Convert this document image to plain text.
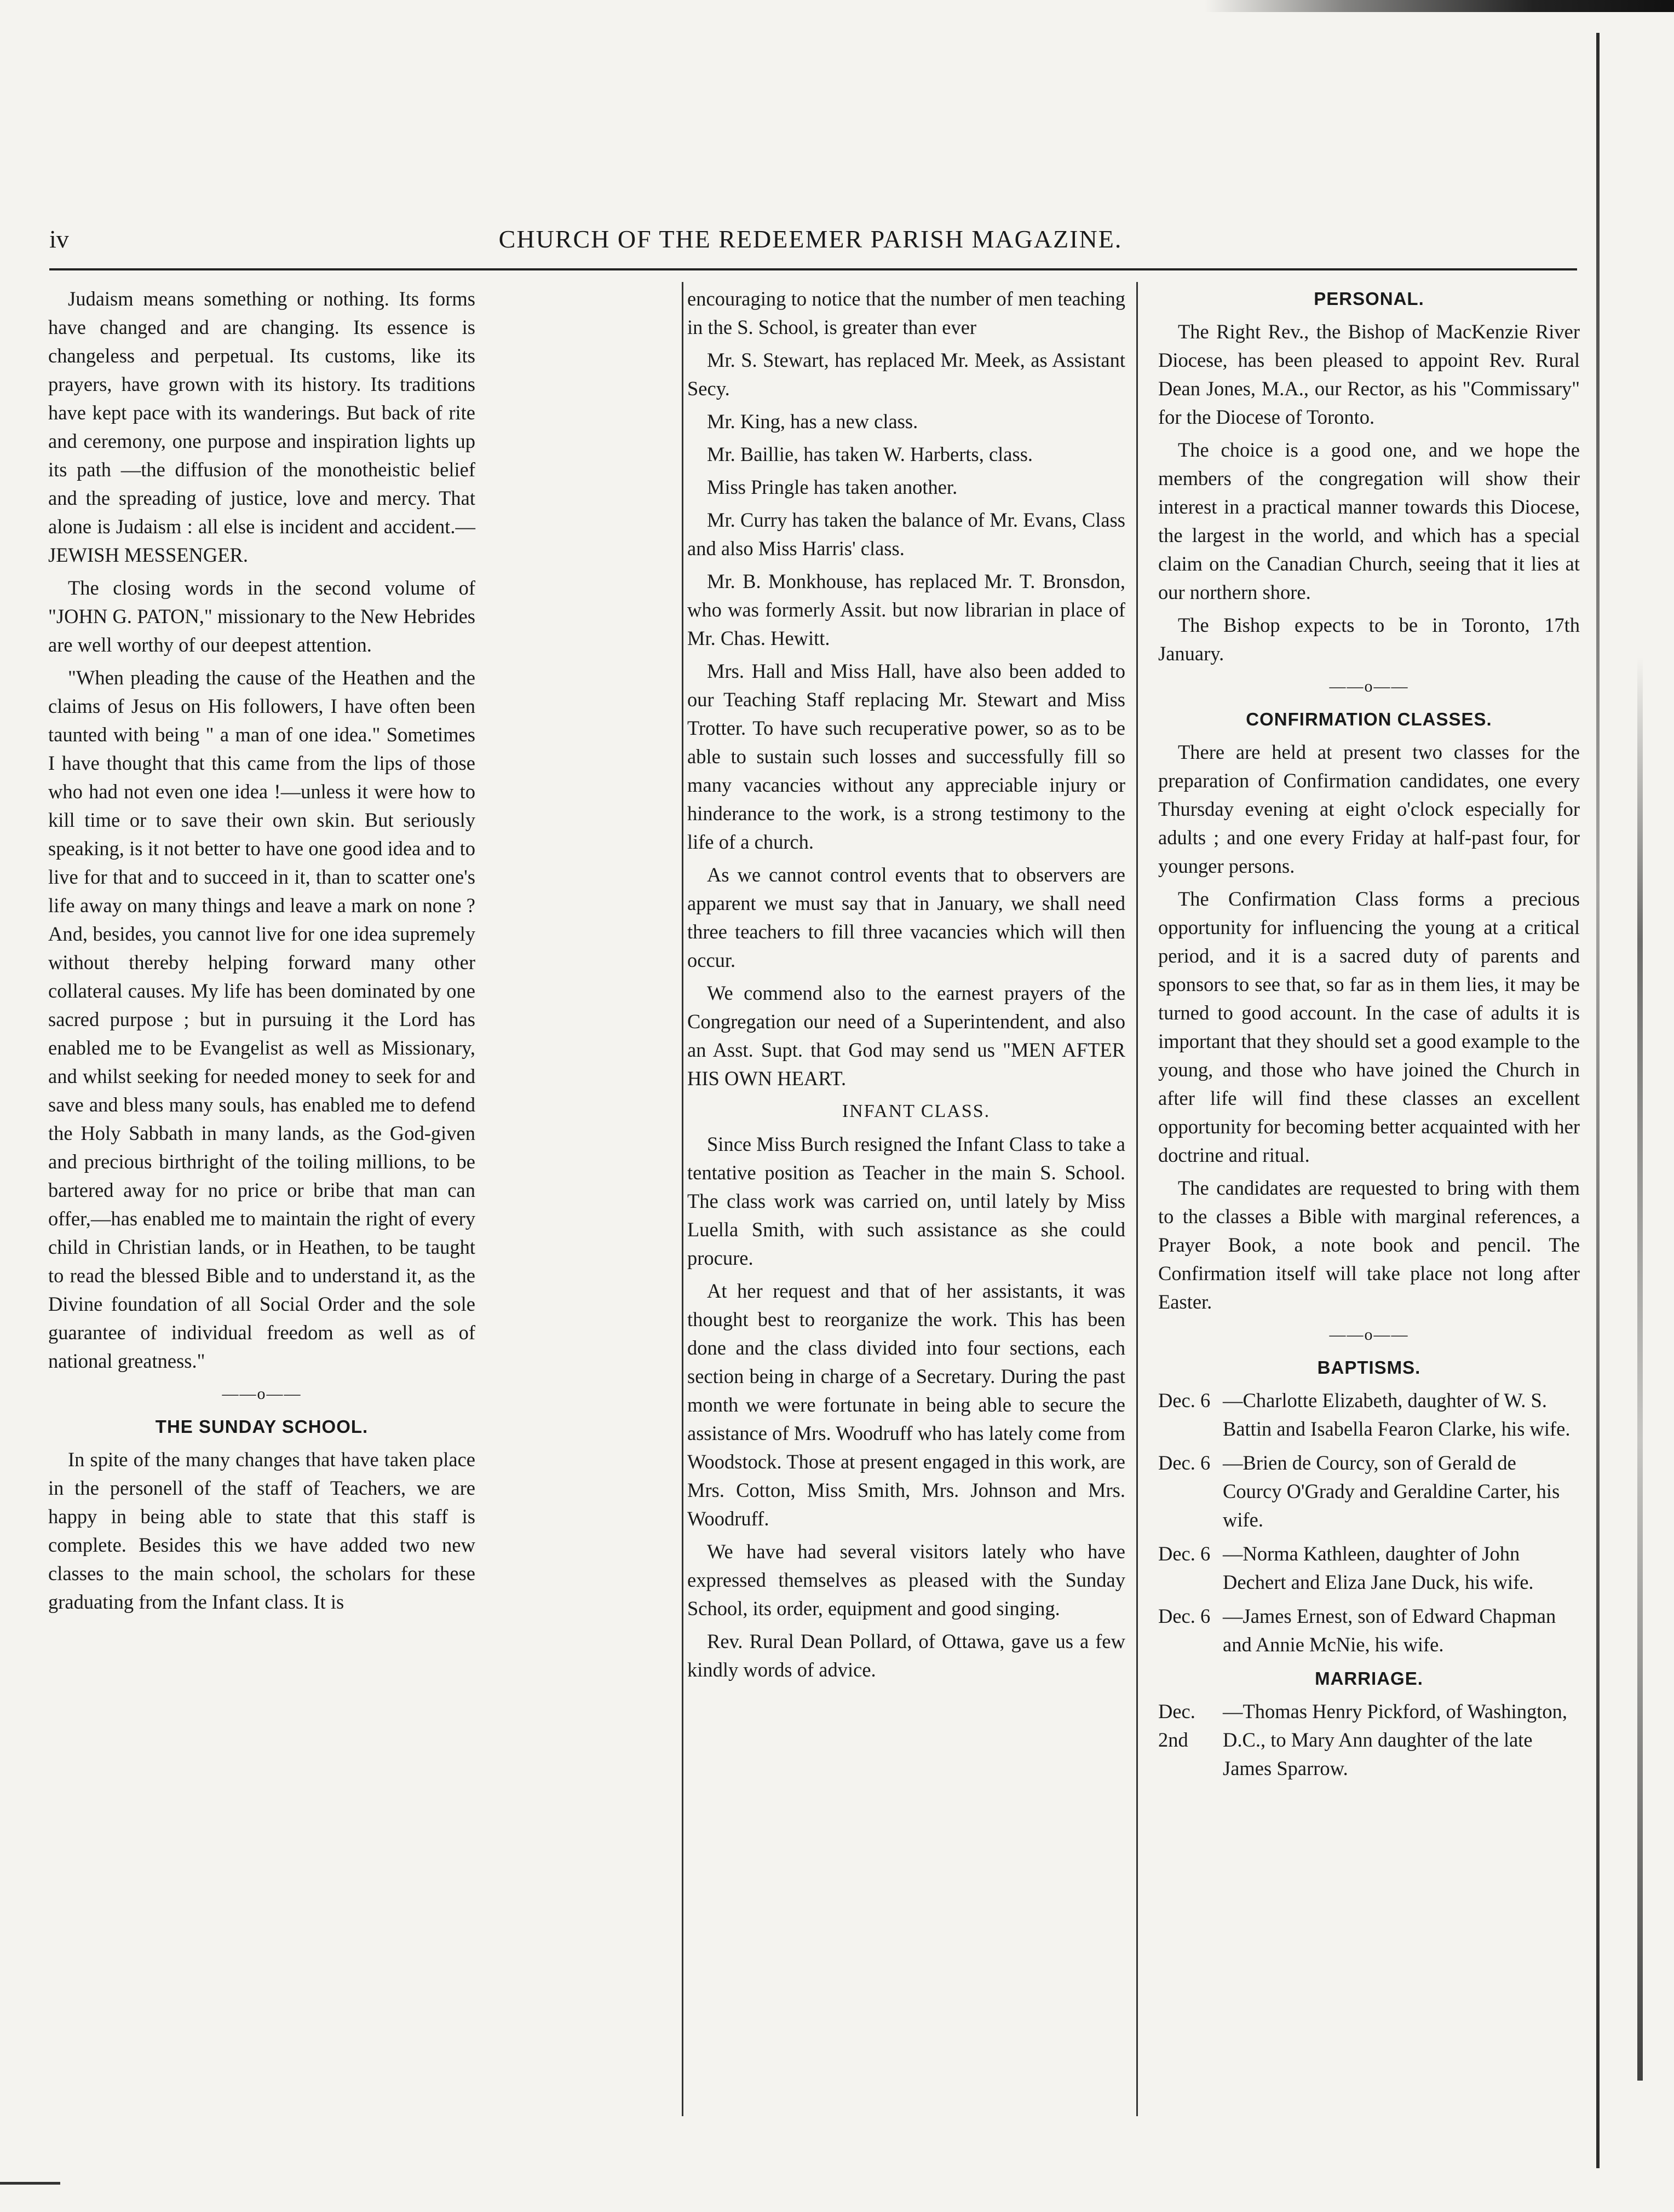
iv	CHURCH OF THE REDEEMER PARISH MAGAZINE.

Judaism means something or nothing. Its forms have changed and are changing. Its essence is changeless and perpetual. Its customs, like its prayers, have grown with its history. Its traditions have kept pace with its wanderings. But back of rite and ceremony, one purpose and inspiration lights up its path —the diffusion of the monotheistic belief and the spreading of justice, love and mercy. That alone is Judaism : all else is incident and accident.—JEWISH MESSENGER.

The closing words in the second volume of "JOHN G. PATON," missionary to the New Hebrides are well worthy of our deepest attention.

"When pleading the cause of the Heathen and the claims of Jesus on His followers, I have often been taunted with being " a man of one idea." Sometimes I have thought that this came from the lips of those who had not even one idea !—unless it were how to kill time or to save their own skin. But seriously speaking, is it not better to have one good idea and to live for that and to succeed in it, than to scatter one's life away on many things and leave a mark on none ? And, besides, you cannot live for one idea supremely without thereby helping forward many other collateral causes. My life has been dominated by one sacred purpose ; but in pursuing it the Lord has enabled me to be Evangelist as well as Missionary, and whilst seeking for needed money to seek for and save and bless many souls, has enabled me to defend the Holy Sabbath in many lands, as the God-given and precious birthright of the toiling millions, to be bartered away for no price or bribe that man can offer,—has enabled me to maintain the right of every child in Christian lands, or in Heathen, to be taught to read the blessed Bible and to understand it, as the Divine foundation of all Social Order and the sole guarantee of individual freedom as well as of national greatness."

——o——

THE SUNDAY SCHOOL.

In spite of the many changes that have taken place in the personell of the staff of Teachers, we are happy in being able to state that this staff is complete. Besides this we have added two new classes to the main school, the scholars for these graduating from the Infant class. It is

encouraging to notice that the number of men teaching in the S. School, is greater than ever

Mr. S. Stewart, has replaced Mr. Meek, as Assistant Secy.

Mr. King, has a new class.

Mr. Baillie, has taken W. Harberts, class.

Miss Pringle has taken another.

Mr. Curry has taken the balance of Mr. Evans, Class and also Miss Harris' class.

Mr. B. Monkhouse, has replaced Mr. T. Bronsdon, who was formerly Assit. but now librarian in place of Mr. Chas. Hewitt.

Mrs. Hall and Miss Hall, have also been added to our Teaching Staff replacing Mr. Stewart and Miss Trotter. To have such recuperative power, so as to be able to sustain such losses and successfully fill so many vacancies without any appreciable injury or hinderance to the work, is a strong testimony to the life of a church.

As we cannot control events that to observers are apparent we must say that in January, we shall need three teachers to fill three vacancies which will then occur.

We commend also to the earnest prayers of the Congregation our need of a Superintendent, and also an Asst. Supt. that God may send us "MEN AFTER HIS OWN HEART.

INFANT CLASS.

Since Miss Burch resigned the Infant Class to take a tentative position as Teacher in the main S. School. The class work was carried on, until lately by Miss Luella Smith, with such assistance as she could procure.

At her request and that of her assistants, it was thought best to reorganize the work. This has been done and the class divided into four sections, each section being in charge of a Secretary. During the past month we were fortunate in being able to secure the assistance of Mrs. Woodruff who has lately come from Woodstock. Those at present engaged in this work, are Mrs. Cotton, Miss Smith, Mrs. Johnson and Mrs. Woodruff.

We have had several visitors lately who have expressed themselves as pleased with the Sunday School, its order, equipment and good singing.

Rev. Rural Dean Pollard, of Ottawa, gave us a few kindly words of advice.

PERSONAL.

The Right Rev., the Bishop of MacKenzie River Diocese, has been pleased to appoint Rev. Rural Dean Jones, M.A., our Rector, as his "Commissary" for the Diocese of Toronto.

The choice is a good one, and we hope the members of the congregation will show their interest in a practical manner towards this Diocese, the largest in the world, and which has a special claim on the Canadian Church, seeing that it lies at our northern shore.

The Bishop expects to be in Toronto, 17th January.

——o——

CONFIRMATION CLASSES.

There are held at present two classes for the preparation of Confirmation candidates, one every Thursday evening at eight o'clock especially for adults ; and one every Friday at half-past four, for younger persons.

The Confirmation Class forms a precious opportunity for influencing the young at a critical period, and it is a sacred duty of parents and sponsors to see that, so far as in them lies, it may be turned to good account. In the case of adults it is important that they should set a good example to the young, and those who have joined the Church in after life will find these classes an excellent opportunity for becoming better acquainted with her doctrine and ritual.

The candidates are requested to bring with them to the classes a Bible with marginal references, a Prayer Book, a note book and pencil. The Confirmation itself will take place not long after Easter.

——o——

BAPTISMS.

Dec. 6 —Charlotte Elizabeth, daughter of W. S. Battin and Isabella Fearon Clarke, his wife.
Dec. 6 —Brien de Courcy, son of Gerald de Courcy O'Grady and Geraldine Carter, his wife.
Dec. 6 —Norma Kathleen, daughter of John Dechert and Eliza Jane Duck, his wife.
Dec. 6 —James Ernest, son of Edward Chapman and Annie McNie, his wife.

MARRIAGE.

Dec. 2nd
—Thomas Henry Pickford, of Washington, D.C., to Mary Ann daughter of the late James Sparrow.
